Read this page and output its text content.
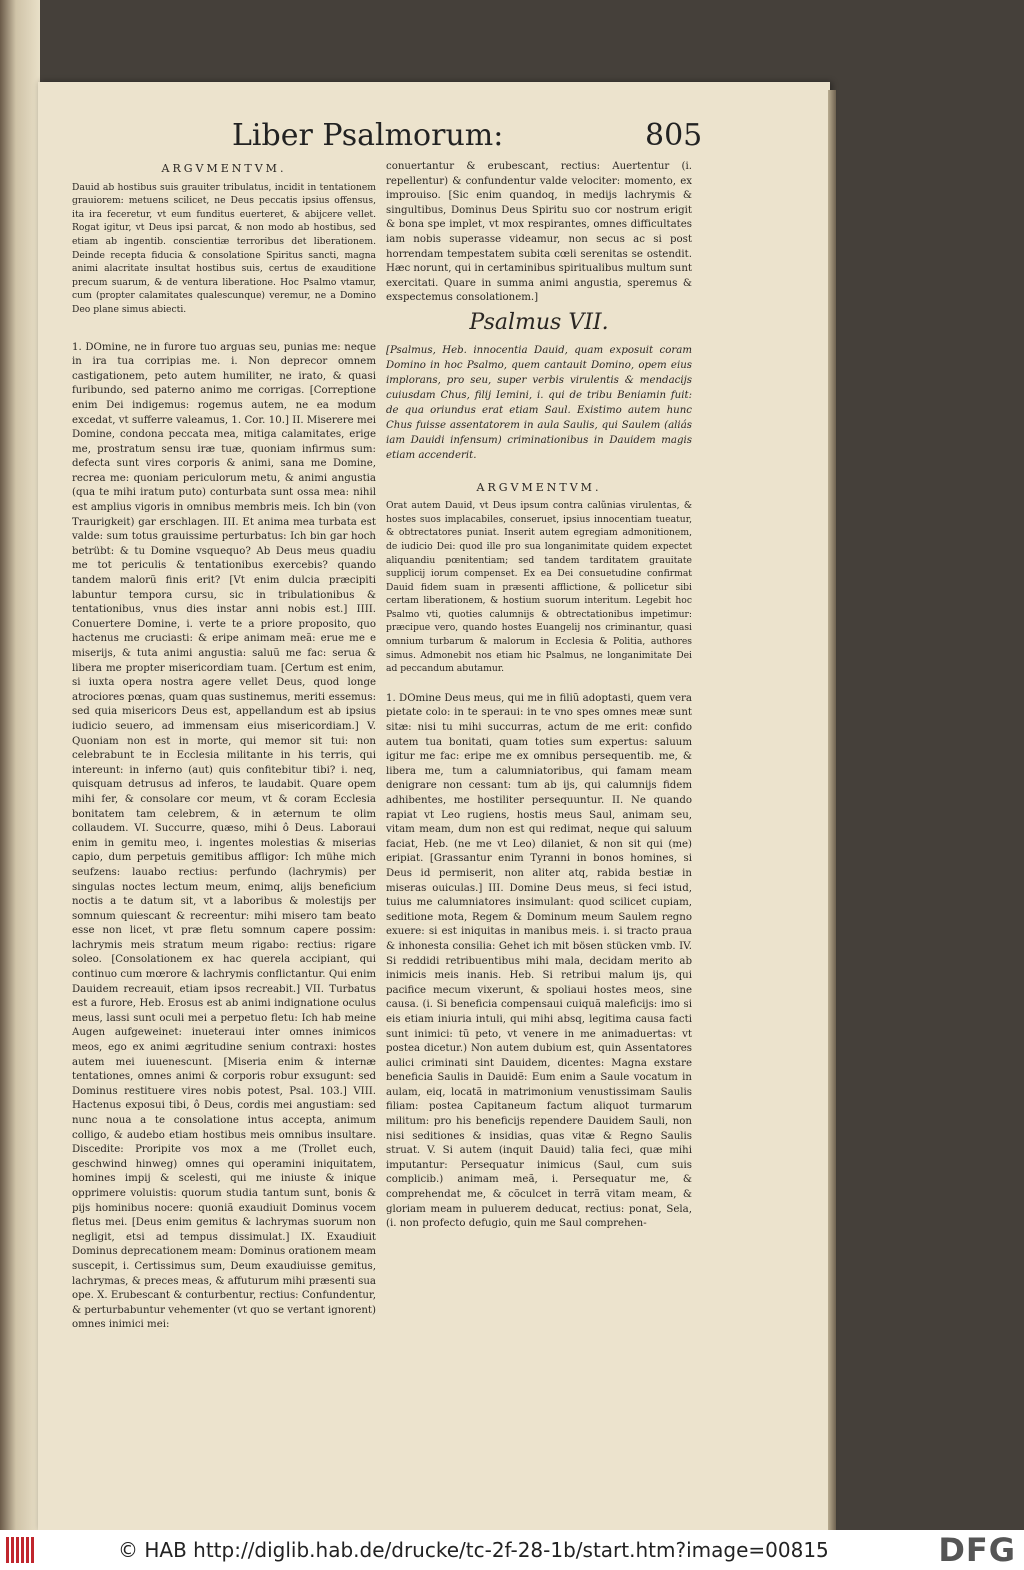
Liber Psalmorum:	805
ARGVMENTVM.
Dauid ab hostibus suis grauiter tribulatus, incidit in tentationem grauiorem: metuens scilicet, ne Deus peccatis ipsius offensus, ita ira feceretur, vt eum funditus euerteret, & abijcere vellet. Rogat igitur, vt Deus ipsi parcat, & non modo ab hostibus, sed etiam ab ingentib. conscientiæ terroribus det liberationem. Deinde recepta fiducia & consolatione Spiritus sancti, magna animi alacritate insultat hostibus suis, certus de exauditione precum suarum, & de ventura liberatione. Hoc Psalmo vtamur, cum (propter calamitates qualescunque) veremur, ne a Domino Deo plane simus abiecti.
1. DOmine, ne in furore tuo arguas seu, punias me: neque in ira tua corripias me. i. Non deprecor omnem castigationem, peto autem humiliter, ne irato, & quasi furibundo, sed paterno animo me corrigas. [Correptione enim Dei indigemus: rogemus autem, ne ea modum excedat, vt sufferre valeamus, 1. Cor. 10.] II. Miserere mei Domine, condona peccata mea, mitiga calamitates, erige me, prostratum sensu iræ tuæ, quoniam infirmus sum: defecta sunt vires corporis & animi, sana me Domine, recrea me: quoniam periculorum metu, & animi angustia (qua te mihi iratum puto) conturbata sunt ossa mea: nihil est amplius vigoris in omnibus membris meis. Ich bin (von Traurigkeit) gar erschlagen. III. Et anima mea turbata est valde: sum totus grauissime perturbatus: Ich bin gar hoch betrübt: & tu Domine vsquequo? Ab Deus meus quadiu me tot periculis & tentationibus exercebis? quando tandem malorũ finis erit? [Vt enim dulcia præcipiti labuntur tempora cursu, sic in tribulationibus & tentationibus, vnus dies instar anni nobis est.] IIII. Conuertere Domine, i. verte te a priore proposito, quo hactenus me cruciasti: & eripe animam meã: erue me e miserijs, & tuta animi angustia: saluũ me fac: serua & libera me propter misericordiam tuam. [Certum est enim, si iuxta opera nostra agere vellet Deus, quod longe atrociores pœnas, quam quas sustinemus, meriti essemus: sed quia misericors Deus est, appellandum est ab ipsius iudicio seuero, ad immensam eius misericordiam.] V. Quoniam non est in morte, qui memor sit tui: non celebrabunt te in Ecclesia militante in his terris, qui intereunt: in inferno (aut) quis confitebitur tibi? i. neq, quisquam detrusus ad inferos, te laudabit. Quare opem mihi fer, & consolare cor meum, vt & coram Ecclesia bonitatem tam celebrem, & in æternum te olim collaudem. VI. Succurre, quæso, mihi ô Deus. Laboraui enim in gemitu meo, i. ingentes molestias & miserias capio, dum perpetuis gemitibus affligor: Ich mühe mich seufzens: lauabo rectius: perfundo (lachrymis) per singulas noctes lectum meum, enimq, alijs beneficium noctis a te datum sit, vt a laboribus & molestijs per somnum quiescant & recreentur: mihi misero tam beato esse non licet, vt præ fletu somnum capere possim: lachrymis meis stratum meum rigabo: rectius: rigare soleo. [Consolationem ex hac querela accipiant, qui continuo cum mœrore & lachrymis conflictantur. Qui enim Dauidem recreauit, etiam ipsos recreabit.] VII. Turbatus est a furore, Heb. Erosus est ab animi indignatione oculus meus, lassi sunt oculi mei a perpetuo fletu: Ich hab meine Augen aufgeweinet: inueteraui inter omnes inimicos meos, ego ex animi ægritudine senium contraxi: hostes autem mei iuuenescunt. [Miseria enim & internæ tentationes, omnes animi & corporis robur exsugunt: sed Dominus restituere vires nobis potest, Psal. 103.] VIII. Hactenus exposui tibi, ô Deus, cordis mei angustiam: sed nunc noua a te consolatione intus accepta, animum colligo, & audebo etiam hostibus meis omnibus insultare. Discedite: Proripite vos mox a me (Trollet euch, geschwind hinweg) omnes qui operamini iniquitatem, homines impij & scelesti, qui me iniuste & inique opprimere voluistis: quorum studia tantum sunt, bonis & pijs hominibus nocere: quoniã exaudiuit Dominus vocem fletus mei. [Deus enim gemitus & lachrymas suorum non negligit, etsi ad tempus dissimulat.] IX. Exaudiuit Dominus deprecationem meam: Dominus orationem meam suscepit, i. Certissimus sum, Deum exaudiuisse gemitus, lachrymas, & preces meas, & affuturum mihi præsenti sua ope. X. Erubescant & conturbentur, rectius: Confundentur, & perturbabuntur vehementer (vt quo se vertant ignorent) omnes inimici mei:
conuertantur & erubescant, rectius: Auertentur (i. repellentur) & confundentur valde velociter: momento, ex improuiso. [Sic enim quandoq, in medijs lachrymis & singultibus, Dominus Deus Spiritu suo cor nostrum erigit & bona spe implet, vt mox respirantes, omnes difficultates iam nobis superasse videamur, non secus ac si post horrendam tempestatem subita cœli serenitas se ostendit. Hæc norunt, qui in certaminibus spiritualibus multum sunt exercitati. Quare in summa animi angustia, speremus & exspectemus consolationem.]
Psalmus VII.
[Psalmus, Heb. innocentia Dauid, quam exposuit coram Domino in hoc Psalmo, quem cantauit Domino, opem eius implorans, pro seu, super verbis virulentis & mendacijs cuiusdam Chus, filij Iemini, i. qui de tribu Beniamin fuit: de qua oriundus erat etiam Saul. Existimo autem hunc Chus fuisse assentatorem in aula Saulis, qui Saulem (aliás iam Dauidi infensum) criminationibus in Dauidem magis etiam accenderit.
ARGVMENTVM.
Orat autem Dauid, vt Deus ipsum contra calũnias virulentas, & hostes suos implacabiles, conseruet, ipsius innocentiam tueatur, & obtrectatores puniat. Inserit autem egregiam admonitionem, de iudicio Dei: quod ille pro sua longanimitate quidem expectet aliquandiu pœnitentiam; sed tandem tarditatem grauitate supplicij iorum compenset. Ex ea Dei consuetudine confirmat Dauid fidem suam in præsenti afflictione, & pollicetur sibi certam liberationem, & hostium suorum interitum. Legebit hoc Psalmo vti, quoties calumnijs & obtrectationibus impetimur: præcipue vero, quando hostes Euangelij nos criminantur, quasi omnium turbarum & malorum in Ecclesia & Politia, authores simus. Admonebit nos etiam hic Psalmus, ne longanimitate Dei ad peccandum abutamur.
1. DOmine Deus meus, qui me in filiũ adoptasti, quem vera pietate colo: in te speraui: in te vno spes omnes meæ sunt sitæ: nisi tu mihi succurras, actum de me erit: confido autem tua bonitati, quam toties sum expertus: saluum igitur me fac: eripe me ex omnibus persequentib. me, & libera me, tum a calumniatoribus, qui famam meam denigrare non cessant: tum ab ijs, qui calumnijs fidem adhibentes, me hostiliter persequuntur. II. Ne quando rapiat vt Leo rugiens, hostis meus Saul, animam seu, vitam meam, dum non est qui redimat, neque qui saluum faciat, Heb. (ne me vt Leo) dilaniet, & non sit qui (me) eripiat. [Grassantur enim Tyranni in bonos homines, si Deus id permiserit, non aliter atq, rabida bestiæ in miseras ouiculas.] III. Domine Deus meus, si feci istud, tuius me calumniatores insimulant: quod scilicet cupiam, seditione mota, Regem & Dominum meum Saulem regno exuere: si est iniquitas in manibus meis. i. si tracto praua & inhonesta consilia: Gehet ich mit bösen stücken vmb. IV. Si reddidi retribuentibus mihi mala, decidam merito ab inimicis meis inanis. Heb. Si retribui malum ijs, qui pacifice mecum vixerunt, & spoliaui hostes meos, sine causa. (i. Si beneficia compensaui cuiquã maleficijs: imo si eis etiam iniuria intuli, qui mihi absq, legitima causa facti sunt inimici: tũ peto, vt venere in me animaduertas: vt postea dicetur.) Non autem dubium est, quin Assentatores aulici criminati sint Dauidem, dicentes: Magna exstare beneficia Saulis in Dauidẽ: Eum enim a Saule vocatum in aulam, eiq, locatã in matrimonium venustissimam Saulis filiam: postea Capitaneum factum aliquot turmarum militum: pro his beneficijs rependere Dauidem Sauli, non nisi seditiones & insidias, quas vitæ & Regno Saulis struat. V. Si autem (inquit Dauid) talia feci, quæ mihi imputantur: Persequatur inimicus (Saul, cum suis complicib.) animam meã, i. Persequatur me, & comprehendat me, & cõculcet in terrã vitam meam, & gloriam meam in puluerem deducat, rectius: ponat, Sela, (i. non profecto defugio, quin me Saul comprehen-
© HAB http://diglib.hab.de/drucke/tc-2f-28-1b/start.htm?image=00815	DFG
